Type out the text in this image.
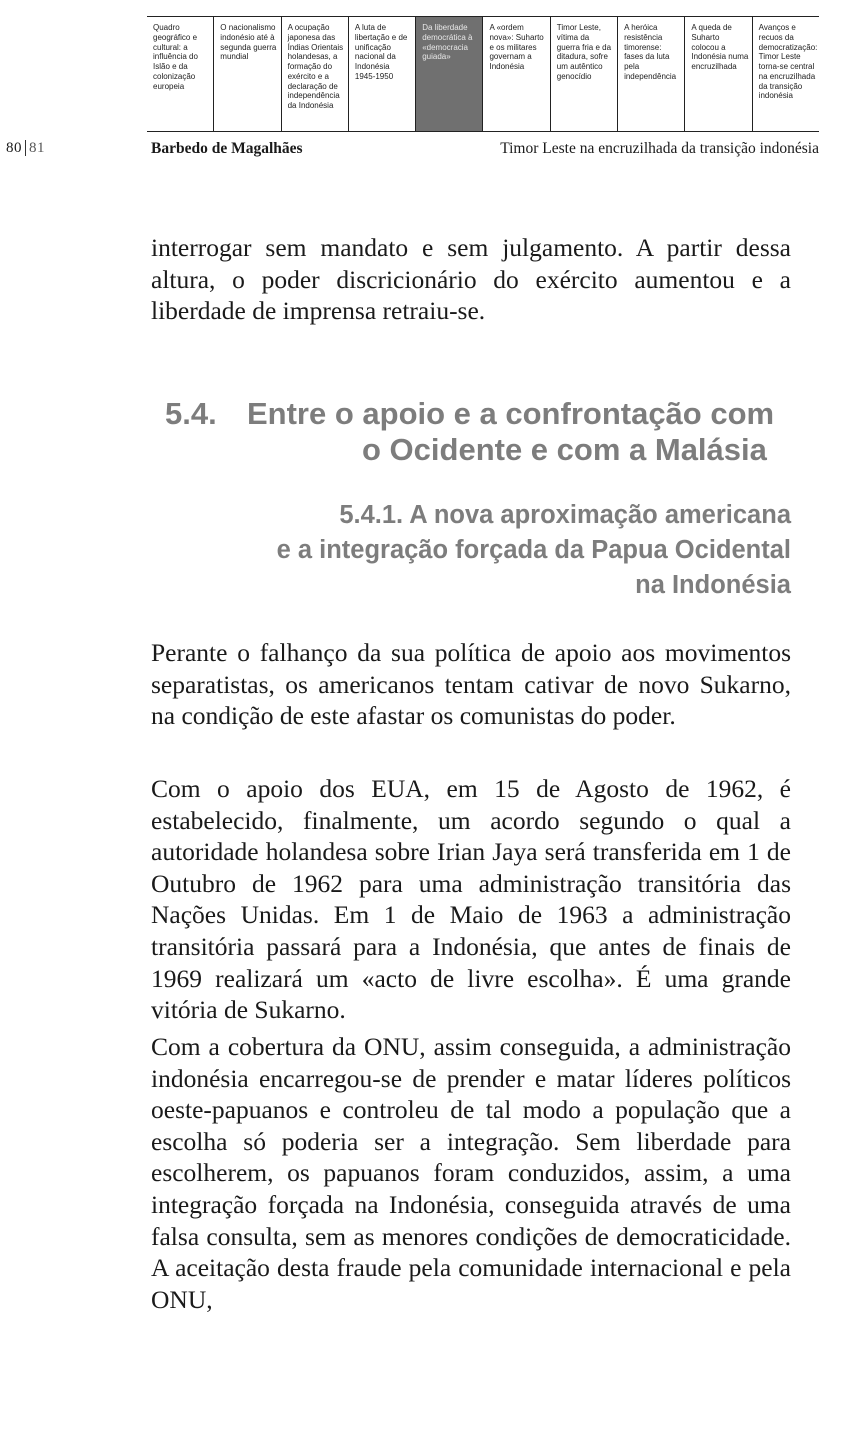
Quadro geográfico e cultural: a influência do Islão e da colonização europeia
O nacionalismo indonésio até à segunda guerra mundial
A ocupação japonesa das Índias Orientais holandesas, a formação do exército e a declaração de independência da Indonésia
A luta de libertação e de unificação nacional da Indonésia 1945-1950
Da liberdade democrática à «democracia guiada»
A «ordem nova»: Suharto e os militares governam a Indonésia
Timor Leste, vítima da guerra fria e da ditadura, sofre um autêntico genocídio
A heróica resistência timorense: fases da luta pela independência
A queda de Suharto colocou a Indonésia numa encruzilhada
Avanços e recuos da democratização: Timor Leste torna-se central na encruzilhada da transição indonésia
80 81	Barbedo de Magalhães	Timor Leste na encruzilhada da transição indonésia

interrogar sem mandato e sem julgamento. A partir dessa altura, o poder discricionário do exército aumentou e a liberdade de imprensa retraiu-se.

5.4. Entre o apoio e a confrontação com
o Ocidente e com a Malásia
5.4.1. A nova aproximação americana
e a integração forçada da Papua Ocidental
na Indonésia

Perante o falhanço da sua política de apoio aos movimentos separatistas, os americanos tentam cativar de novo Sukarno, na condição de este afastar os comunistas do poder.

Com o apoio dos EUA, em 15 de Agosto de 1962, é estabelecido, finalmente, um acordo segundo o qual a autoridade holandesa sobre Irian Jaya será transferida em 1 de Outubro de 1962 para uma administração transitória das Nações Unidas. Em 1 de Maio de 1963 a administração transitória passará para a Indonésia, que antes de finais de 1969 realizará um «acto de livre escolha». É uma grande vitória de Sukarno.

Com a cobertura da ONU, assim conseguida, a administração indonésia encarregou-se de prender e matar líderes políticos oeste-papuanos e controleu de tal modo a população que a escolha só poderia ser a integração. Sem liberdade para escolherem, os papuanos foram conduzidos, assim, a uma integração forçada na Indonésia, conseguida através de uma falsa consulta, sem as menores condições de democraticidade. A aceitação desta fraude pela comunidade internacional e pela ONU,
